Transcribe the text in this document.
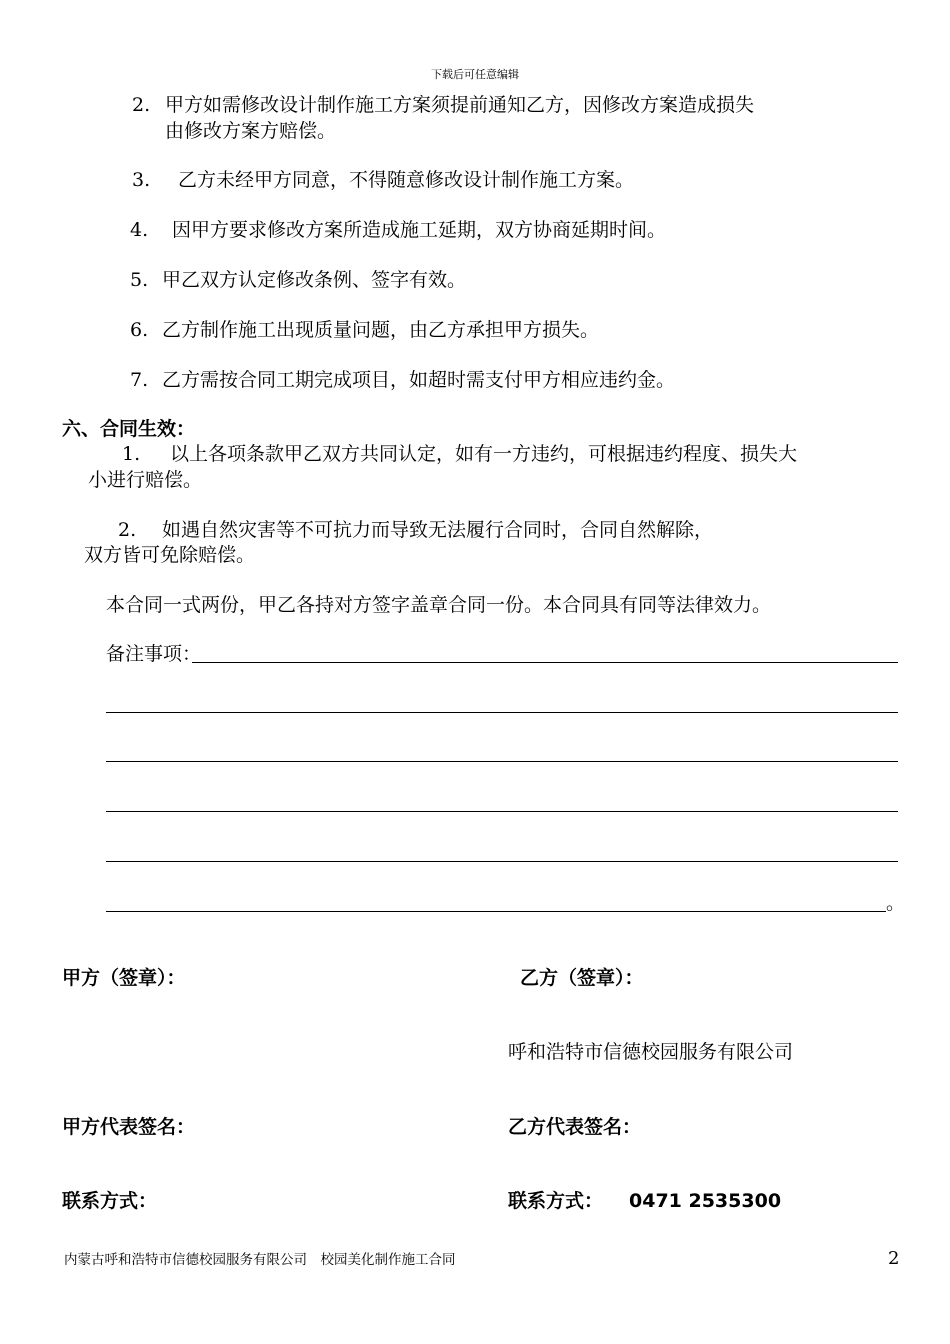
下载后可任意编辑
2. 甲方如需修改设计制作施工方案须提前通知乙方，因修改方案造成损失
由修改方案方赔偿。
3. 乙方未经甲方同意，不得随意修改设计制作施工方案。
4. 因甲方要求修改方案所造成施工延期，双方协商延期时间。
5. 甲乙双方认定修改条例、签字有效。
6. 乙方制作施工出现质量问题，由乙方承担甲方损失。
7. 乙方需按合同工期完成项目，如超时需支付甲方相应违约金。
六、合同生效：
1. 以上各项条款甲乙双方共同认定，如有一方违约，可根据违约程度、损失大
小进行赔偿。
2. 如遇自然灾害等不可抗力而导致无法履行合同时，合同自然解除，
双方皆可免除赔偿。
本合同一式两份，甲乙各持对方签字盖章合同一份。本合同具有同等法律效力。
备注事项：
。
甲方（签章）：	乙方（签章）：
呼和浩特市信德校园服务有限公司
甲方代表签名：	乙方代表签名：
联系方式：	联系方式： 0471 2535300
内蒙古呼和浩特市信德校园服务有限公司　校园美化制作施工合同	2
